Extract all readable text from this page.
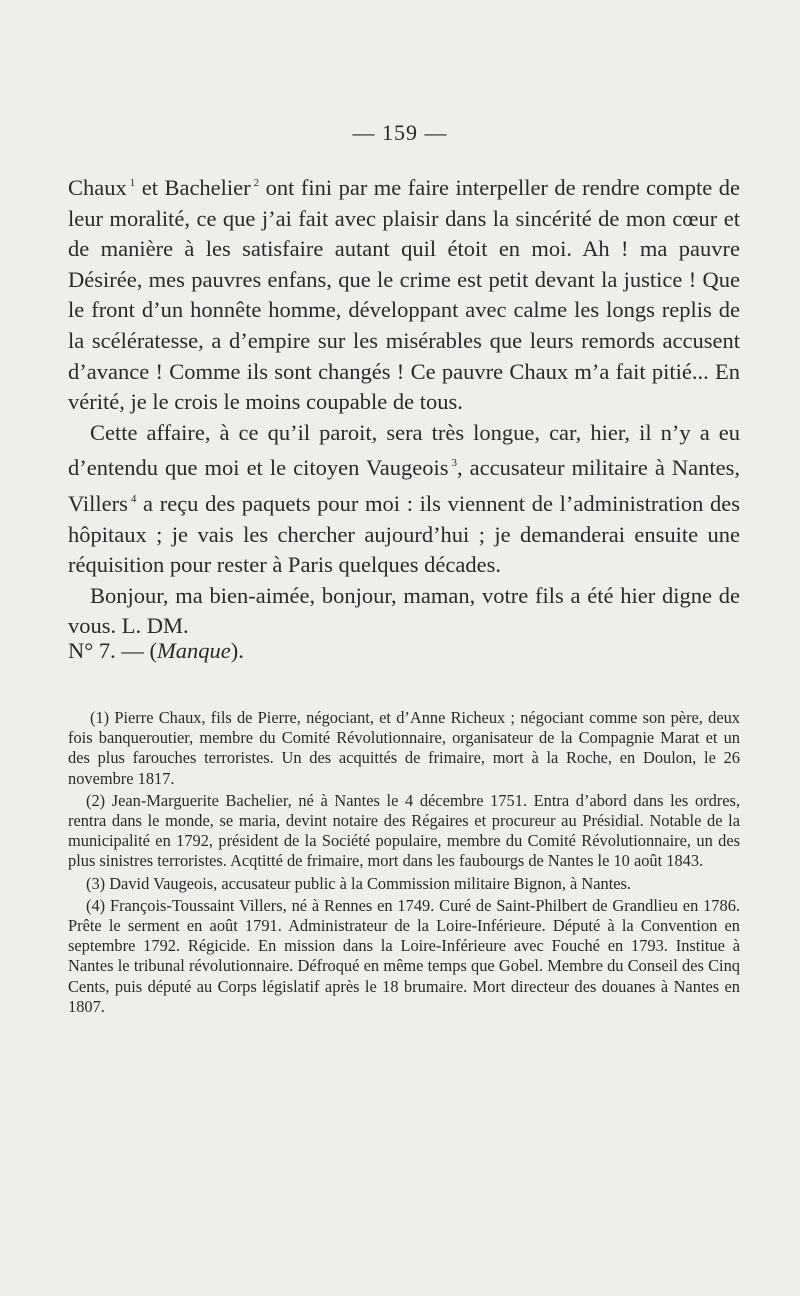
— 159 —

Chaux $^1$ et Bachelier $^2$ ont fini par me faire interpeller de rendre compte de leur moralité, ce que j’ai fait avec plaisir dans la sincérité de mon cœur et de manière à les satisfaire autant quil étoit en moi. Ah ! ma pauvre Désirée, mes pauvres enfans, que le crime est petit devant la justice ! Que le front d’un honnête homme, développant avec calme les longs replis de la scélératesse, a d’empire sur les misérables que leurs remords accusent d’avance ! Comme ils sont changés ! Ce pauvre Chaux m’a fait pitié... En vérité, je le crois le moins coupable de tous.

Cette affaire, à ce qu’il paroit, sera très longue, car, hier, il n’y a eu d’entendu que moi et le citoyen Vaugeois $^3$, accusateur militaire à Nantes, Villers $^4$ a reçu des paquets pour moi : ils viennent de l’administration des hôpitaux ; je vais les chercher aujourd’hui ; je demanderai ensuite une réquisition pour rester à Paris quelques décades.

Bonjour, ma bien-aimée, bonjour, maman, votre fils a été hier digne de vous. L. DM.

N° 7. — (Manque).

(1) Pierre Chaux, fils de Pierre, négociant, et d’Anne Richeux ; négociant comme son père, deux fois banqueroutier, membre du Comité Révolutionnaire, organisateur de la Compagnie Marat et un des plus farouches terroristes. Un des acquittés de frimaire, mort à la Roche, en Doulon, le 26 novembre 1817.

(2) Jean-Marguerite Bachelier, né à Nantes le 4 décembre 1751. Entra d’abord dans les ordres, rentra dans le monde, se maria, devint notaire des Régaires et procureur au Présidial. Notable de la municipalité en 1792, président de la Société populaire, membre du Comité Révolutionnaire, un des plus sinistres terroristes. Acqtitté de frimaire, mort dans les faubourgs de Nantes le 10 août 1843.

(3) David Vaugeois, accusateur public à la Commission militaire Bignon, à Nantes.

(4) François-Toussaint Villers, né à Rennes en 1749. Curé de Saint-Philbert de Grandlieu en 1786. Prête le serment en août 1791. Administrateur de la Loire-Inférieure. Député à la Convention en septembre 1792. Régicide. En mission dans la Loire-Inférieure avec Fouché en 1793. Institue à Nantes le tribunal révolutionnaire. Défroqué en même temps que Gobel. Membre du Conseil des Cinq Cents, puis député au Corps législatif après le 18 brumaire. Mort directeur des douanes à Nantes en 1807.
